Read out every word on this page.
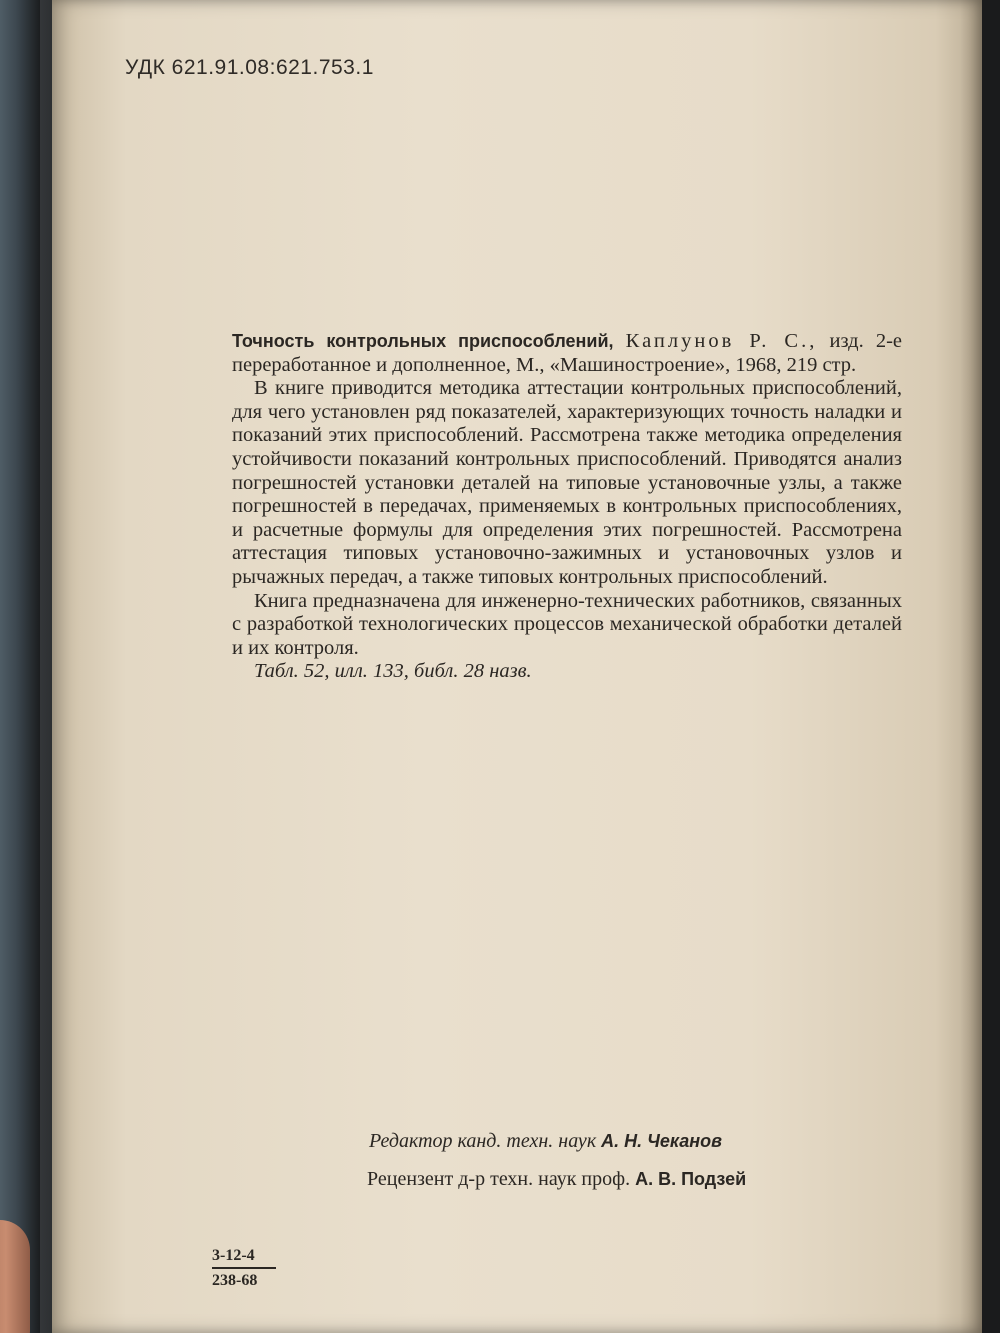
УДК 621.91.08:621.753.1

Точность контрольных приспособлений, Каплунов Р. С., изд. 2-е переработанное и дополненное, М., «Машиностроение», 1968, 219 стр.

В книге приводится методика аттестации контрольных приспособлений, для чего установлен ряд показателей, характеризующих точность наладки и показаний этих приспособлений. Рассмотрена также методика определения устойчивости показаний контрольных приспособлений. Приводятся анализ погрешностей установки деталей на типовые установочные узлы, а также погрешностей в передачах, применяемых в контрольных приспособлениях, и расчетные формулы для определения этих погрешностей. Рассмотрена аттестация типовых установочно-зажимных и установочных узлов и рычажных передач, а также типовых контрольных приспособлений.

Книга предназначена для инженерно-технических работников, связанных с разработкой технологических процессов механической обработки деталей и их контроля.

Табл. 52, илл. 133, библ. 28 назв.
Редактор канд. техн. наук А. Н. Чеканов
Рецензент д-р техн. наук проф. А. В. Подзей
3-12-4
238-68
